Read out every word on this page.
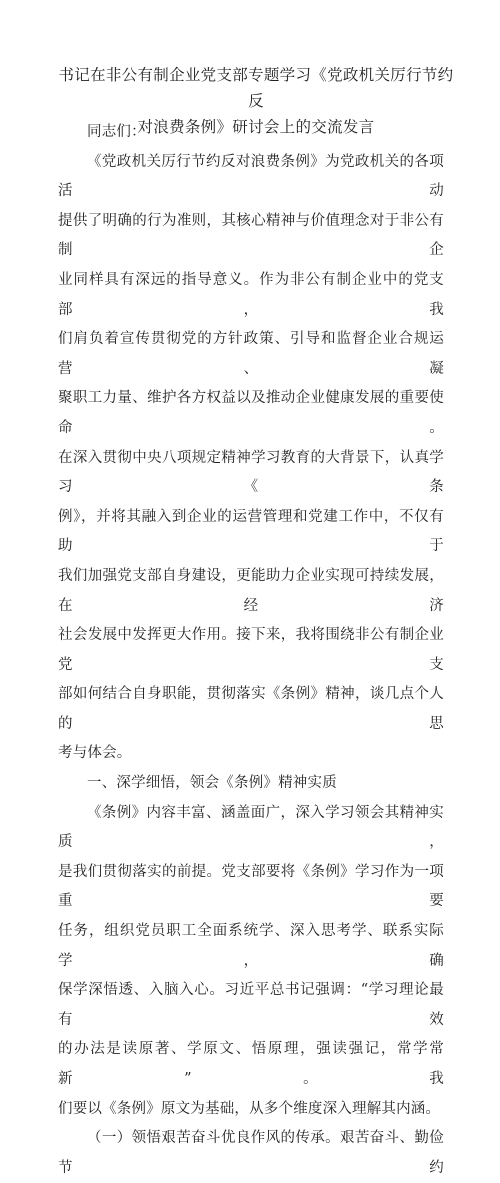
书记在非公有制企业党支部专题学习《党政机关厉行节约反
对浪费条例》研讨会上的交流发言

同志们：

《党政机关厉行节约反对浪费条例》为党政机关的各项活动

提供了明确的行为准则，其核心精神与价值理念对于非公有制企

业同样具有深远的指导意义。作为非公有制企业中的党支部，我

们肩负着宣传贯彻党的方针政策、引导和监督企业合规运营、凝

聚职工力量、维护各方权益以及推动企业健康发展的重要使命。

在深入贯彻中央八项规定精神学习教育的大背景下，认真学习《条

例》，并将其融入到企业的运营管理和党建工作中，不仅有助于

我们加强党支部自身建设，更能助力企业实现可持续发展，在经济

社会发展中发挥更大作用。接下来，我将围绕非公有制企业党支

部如何结合自身职能，贯彻落实《条例》精神，谈几点个人的思

考与体会。

一、深学细悟，领会《条例》精神实质

《条例》内容丰富、涵盖面广，深入学习领会其精神实质，

是我们贯彻落实的前提。党支部要将《条例》学习作为一项重要

任务，组织党员职工全面系统学、深入思考学、联系实际学，确

保学深悟透、入脑入心。习近平总书记强调：“学习理论最有效

的办法是读原著、学原文、悟原理，强读强记，常学常新”。我

们要以《条例》原文为基础，从多个维度深入理解其内涵。

（一）领悟艰苦奋斗优良作风的传承。艰苦奋斗、勤俭节约
